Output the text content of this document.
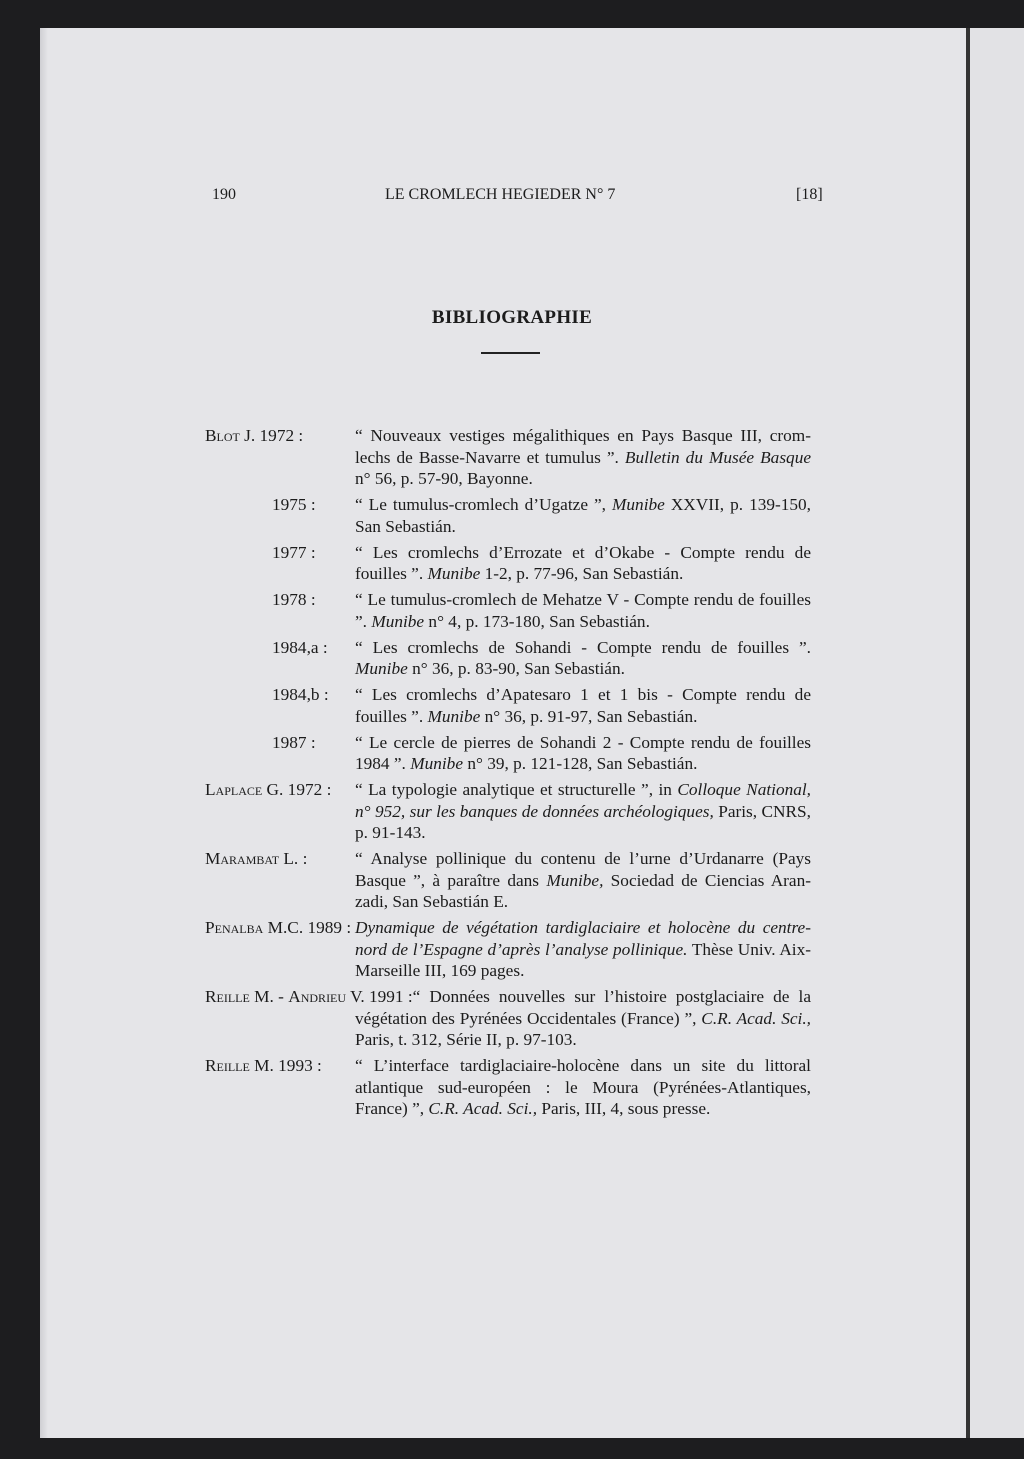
190	LE CROMLECH HEGIEDER N° 7	[18]
BIBLIOGRAPHIE
Blot J. 1972 :	“ Nouveaux vestiges mégalithiques en Pays Basque III, cromlechs de Basse-Navarre et tumulus ”. Bulletin du Musée Basque n° 56, p. 57-90, Bayonne.
1975 :“ Le tumulus-cromlech d’Ugatze ”, Munibe XXVII, p. 139-150, San Sebastián.
1977 :“ Les cromlechs d’Errozate et d’Okabe - Compte rendu de fouilles ”. Munibe 1-2, p. 77-96, San Sebastián.
1978 :“ Le tumulus-cromlech de Mehatze V - Compte rendu de fouilles ”. Munibe n° 4, p. 173-180, San Sebastián.
1984,a :“ Les cromlechs de Sohandi - Compte rendu de fouilles ”. Munibe n° 36, p. 83-90, San Sebastián.
1984,b :“ Les cromlechs d’Apatesaro 1 et 1 bis - Compte rendu de fouilles ”. Munibe n° 36, p. 91-97, San Sebastián.
1987 :“ Le cercle de pierres de Sohandi 2 - Compte rendu de fouilles 1984 ”. Munibe n° 39, p. 121-128, San Sebastián.
Laplace G. 1972 :“ La typologie analytique et structurelle ”, in Colloque National, n° 952, sur les banques de données archéologiques, Paris, CNRS, p. 91-143.
Marambat L. :	“ Analyse pollinique du contenu de l’urne d’Urdanarre (Pays Basque ”, à paraître dans Munibe, Sociedad de Ciencias Aranzadi, San Sebastián E.
Penalba M.C. 1989 :Dynamique de végétation tardiglaciaire et holocène du centre-nord de l’Espagne d’après l’analyse pollinique. Thèse Univ. Aix-Marseille III, 169 pages.
Reille M. - Andrieu V. 1991 :“ Données nouvelles sur l’histoire postglaciaire de la végétation des Pyrénées Occidentales (France) ”, C.R. Acad. Sci., Paris, t. 312, Série II, p. 97-103.
Reille M. 1993 :“ L’interface tardiglaciaire-holocène dans un site du littoral atlantique sud-européen : le Moura (Pyrénées-Atlantiques, France) ”, C.R. Acad. Sci., Paris, III, 4, sous presse.
